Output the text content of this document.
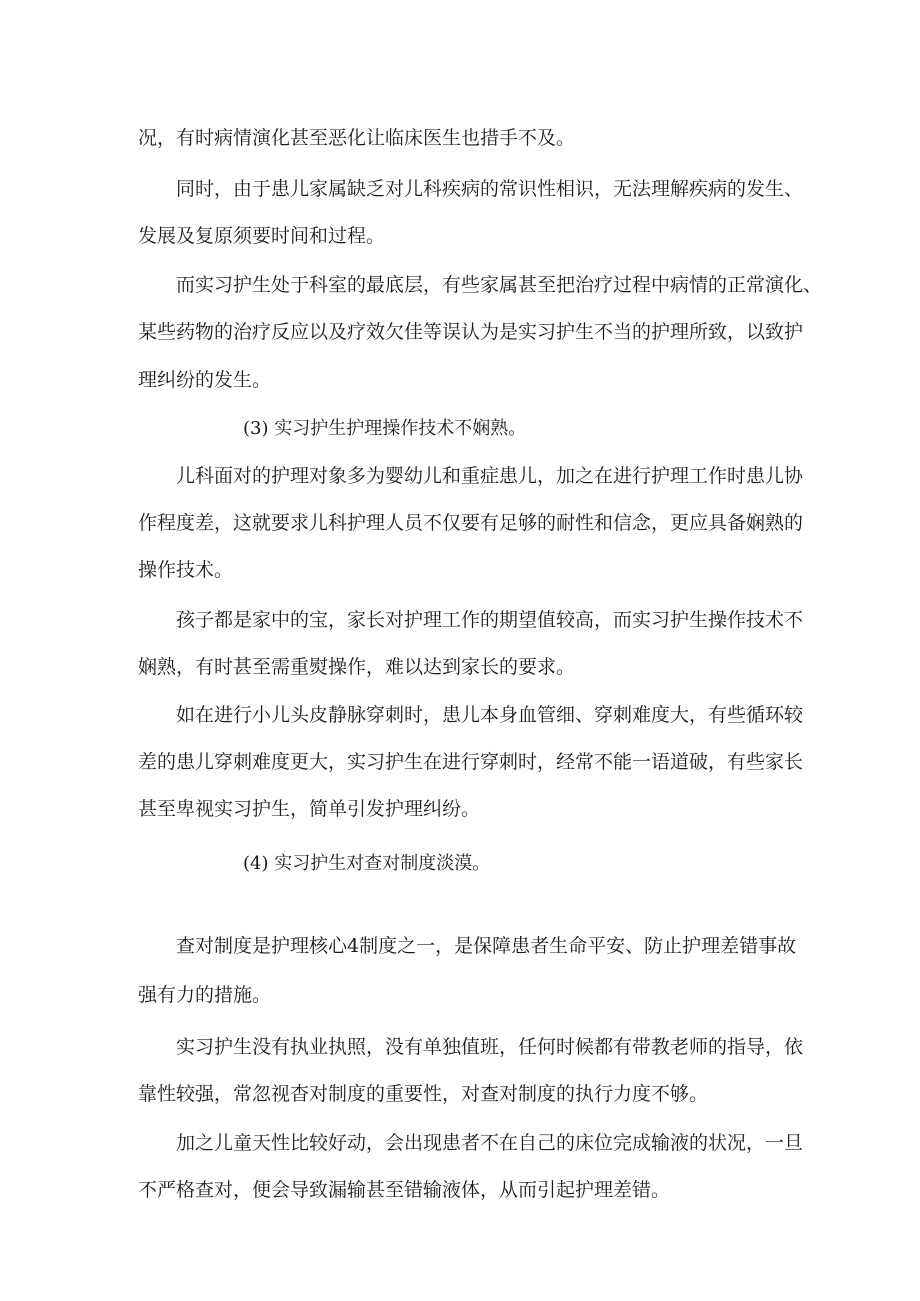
况，有时病情演化甚至恶化让临床医生也措手不及。
同时，由于患儿家属缺乏对儿科疾病的常识性相识，无法理解疾病的发生、
发展及复原须要时间和过程。
而实习护生处于科室的最底层，有些家属甚至把治疗过程中病情的正常演化、
某些药物的治疗反应以及疗效欠佳等误认为是实习护生不当的护理所致，以致护
理纠纷的发生。
(3) 实习护生护理操作技术不娴熟。
儿科面对的护理对象多为婴幼儿和重症患儿，加之在进行护理工作时患儿协
作程度差，这就要求儿科护理人员不仅要有足够的耐性和信念，更应具备娴熟的
操作技术。
孩子都是家中的宝，家长对护理工作的期望值较高，而实习护生操作技术不
娴熟，有时甚至需重熨操作，难以达到家长的要求。
如在进行小儿头皮静脉穿刺时，患儿本身血管细、穿刺难度大，有些循环较
差的患儿穿刺难度更大，实习护生在进行穿刺时，经常不能一语道破，有些家长
甚至卑视实习护生，简单引发护理纠纷。
(4) 实习护生对查对制度淡漠。
查对制度是护理核心4制度之一，是保障患者生命平安、防止护理差错事故
强有力的措施。
实习护生没有执业执照，没有单独值班，任何时候都有带教老师的指导，依
靠性较强，常忽视杳对制度的重要性，对查对制度的执行力度不够。
加之儿童天性比较好动，会出现患者不在自己的床位完成输液的状况，一旦
不严格查对，便会导致漏输甚至错输液体，从而引起护理差错。
